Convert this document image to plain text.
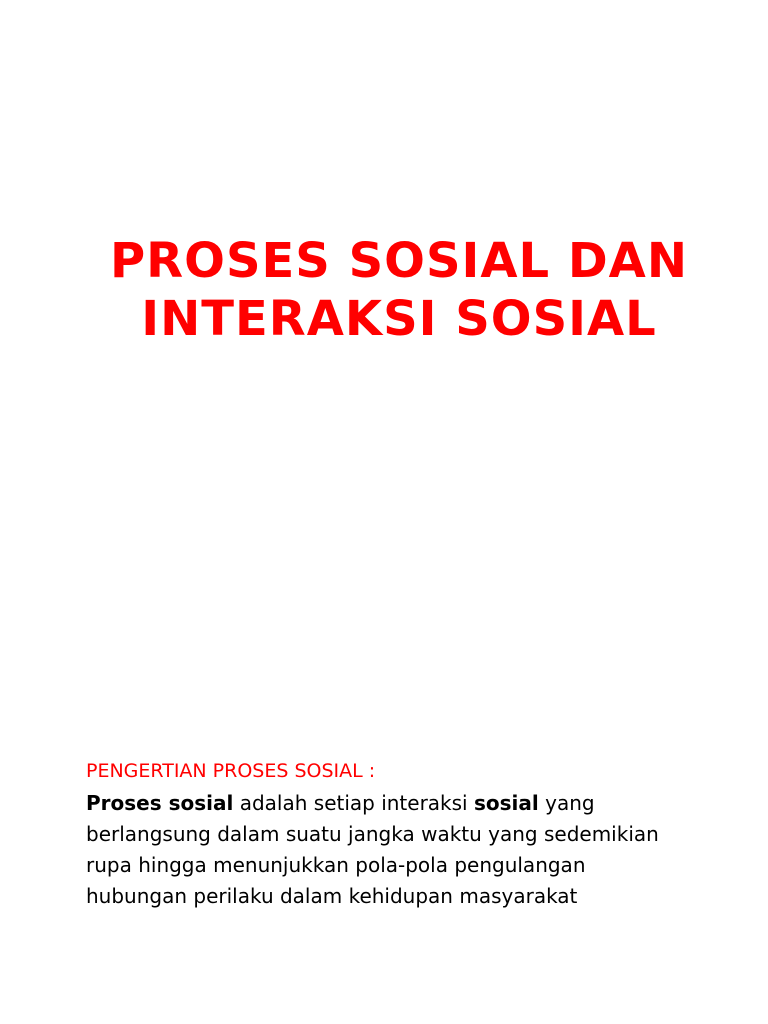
PROSES SOSIAL DAN
INTERAKSI SOSIAL

PENGERTIAN PROSES SOSIAL :

Proses sosial adalah setiap interaksi sosial yang berlangsung dalam suatu jangka waktu yang sedemikian rupa hingga menunjukkan pola-pola pengulangan hubungan perilaku dalam kehidupan masyarakat
